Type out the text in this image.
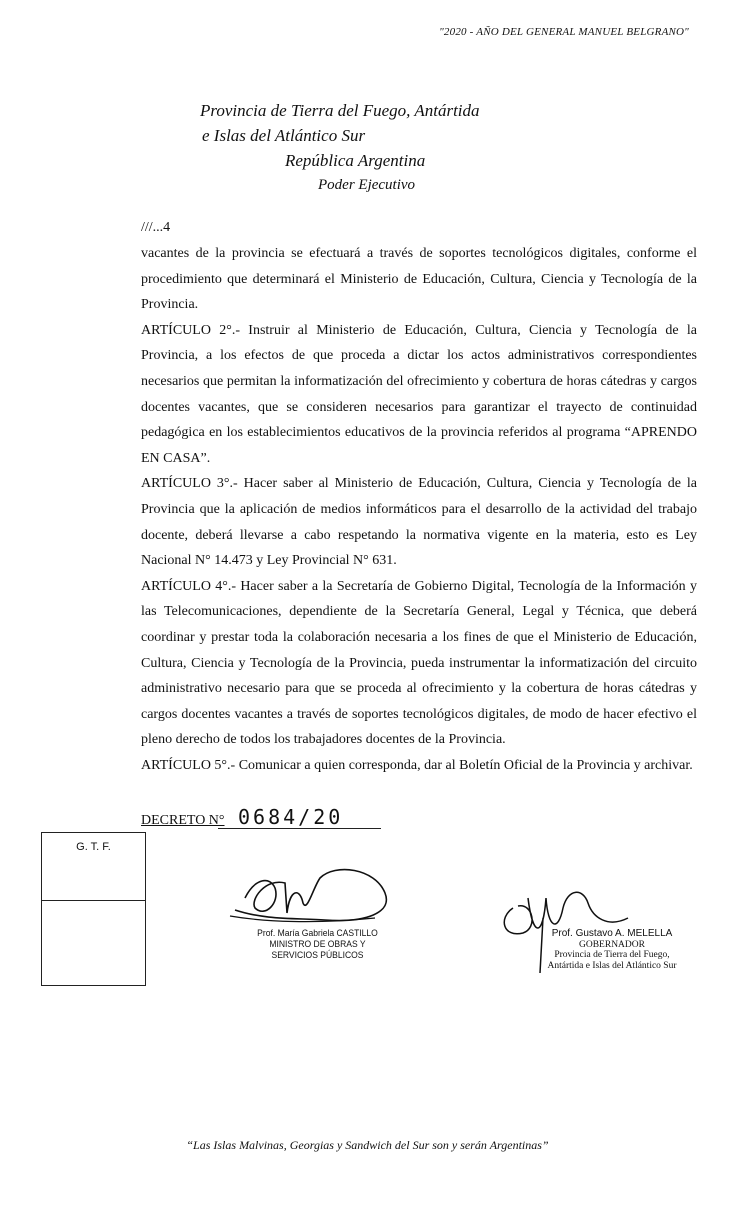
"2020 - AÑO DEL GENERAL MANUEL BELGRANO"
Provincia de Tierra del Fuego, Antártida
e Islas del Atlántico Sur
República Argentina
Poder Ejecutivo
///...4

vacantes de la provincia se efectuará a través de soportes tecnológicos digitales, conforme el procedimiento que determinará el Ministerio de Educación, Cultura, Ciencia y Tecnología de la Provincia.

ARTÍCULO 2°.- Instruir al Ministerio de Educación, Cultura, Ciencia y Tecnología de la Provincia, a los efectos de que proceda a dictar los actos administrativos correspondientes necesarios que permitan la informatización del ofrecimiento y cobertura de horas cátedras y cargos docentes vacantes, que se consideren necesarios para garantizar el trayecto de continuidad pedagógica en los establecimientos educativos de la provincia referidos al programa “APRENDO EN CASA”.

ARTÍCULO 3°.- Hacer saber al Ministerio de Educación, Cultura, Ciencia y Tecnología de la Provincia que la aplicación de medios informáticos para el desarrollo de la actividad del trabajo docente, deberá llevarse a cabo respetando la normativa vigente en la materia, esto es Ley Nacional N° 14.473 y Ley Provincial N° 631.

ARTÍCULO 4°.- Hacer saber a la Secretaría de Gobierno Digital, Tecnología de la Información y las Telecomunicaciones, dependiente de la Secretaría General, Legal y Técnica, que deberá coordinar y prestar toda la colaboración necesaria a los fines de que el Ministerio de Educación, Cultura, Ciencia y Tecnología de la Provincia, pueda instrumentar la informatización del circuito administrativo necesario para que se proceda al ofrecimiento y la cobertura de horas cátedras y cargos docentes vacantes a través de soportes tecnológicos digitales, de modo de hacer efectivo el pleno derecho de todos los trabajadores docentes de la Provincia.

ARTÍCULO 5°.- Comunicar a quien corresponda, dar al Boletín Oficial de la Provincia y archivar.

DECRETO N° 0684/20
G. T. F.
Prof. María Gabriela CASTILLO
MINISTRO DE OBRAS Y
SERVICIOS PÚBLICOS
Prof. Gustavo A. MELELLA
GOBERNADOR
Provincia de Tierra del Fuego,
Antártida e Islas del Atlántico Sur
“Las Islas Malvinas, Georgias y Sandwich del Sur son y serán Argentinas”
